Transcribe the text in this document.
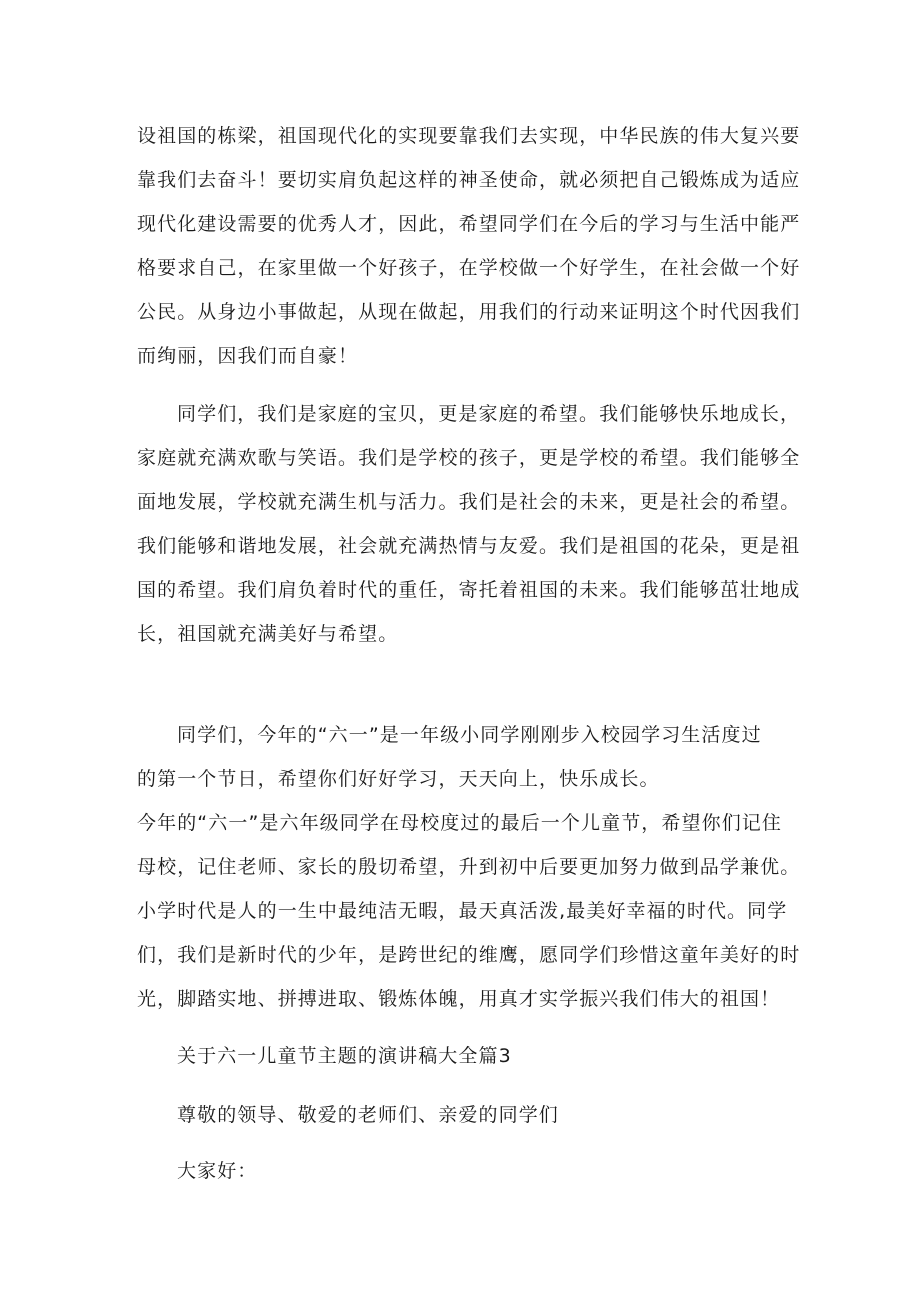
设祖国的栋梁，祖国现代化的实现要靠我们去实现，中华民族的伟大复兴要
靠我们去奋斗！要切实肩负起这样的神圣使命，就必须把自己锻炼成为适应
现代化建设需要的优秀人才，因此，希望同学们在今后的学习与生活中能严
格要求自己，在家里做一个好孩子，在学校做一个好学生，在社会做一个好
公民。从身边小事做起，从现在做起，用我们的行动来证明这个时代因我们
而绚丽，因我们而自豪！
同学们，我们是家庭的宝贝，更是家庭的希望。我们能够快乐地成长，
家庭就充满欢歌与笑语。我们是学校的孩子，更是学校的希望。我们能够全
面地发展，学校就充满生机与活力。我们是社会的未来，更是社会的希望。
我们能够和谐地发展，社会就充满热情与友爱。我们是祖国的花朵，更是祖
国的希望。我们肩负着时代的重任，寄托着祖国的未来。我们能够茁壮地成
长，祖国就充满美好与希望。
同学们，今年的“六一”是一年级小同学刚刚步入校园学习生活度过
的第一个节日，希望你们好好学习，天天向上，快乐成长。
今年的“六一”是六年级同学在母校度过的最后一个儿童节，希望你们记住
母校，记住老师、家长的殷切希望，升到初中后要更加努力做到品学兼优。
小学时代是人的一生中最纯洁无暇，最天真活泼,最美好幸福的时代。同学
们，我们是新时代的少年，是跨世纪的维鹰，愿同学们珍惜这童年美好的时
光，脚踏实地、拼搏进取、锻炼体魄，用真才实学振兴我们伟大的祖国！
关于六一儿童节主题的演讲稿大全篇3
尊敬的领导、敬爱的老师们、亲爱的同学们
大家好：
